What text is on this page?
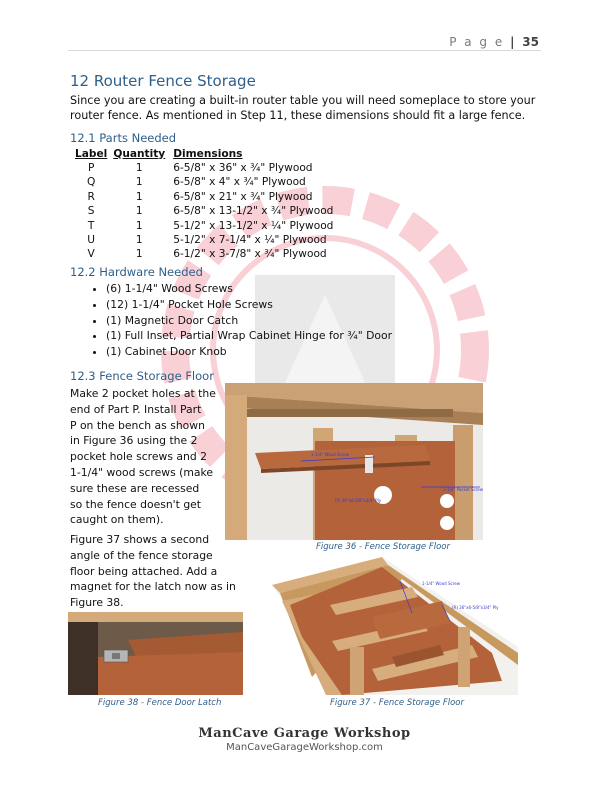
P a g e | 35
12 Router Fence Storage
Since you are creating a built-in router table you will need someplace to store your router fence. As mentioned in Step 11, these dimensions should fit a large fence.
12.1 Parts Needed
Label	Quantity	Dimensions
P	1	6-5/8" x 36" x ¾" Plywood
Q	1	6-5/8" x 4" x ¾" Plywood
R	1	6-5/8" x 21" x ¾" Plywood
S	1	6-5/8" x 13-1/2" x ¾" Plywood
T	1	5-1/2" x 13-1/2" x ¼" Plywood
U	1	5-1/2" x 7-1/4" x ¼" Plywood
V	1	6-1/2" x 3-7/8" x ¾" Plywood
12.2 Hardware Needed
• (6) 1-1/4" Wood Screws
• (12) 1-1/4" Pocket Hole Screws
• (1) Magnetic Door Catch
• (1) Full Inset, Partial Wrap Cabinet Hinge for ¾" Door
• (1) Cabinet Door Knob
12.3 Fence Storage Floor
Make 2 pocket holes at the
end of Part P. Install Part
P on the bench as shown
in Figure 36 using the 2
pocket hole screws and 2
1-1/4" wood screws (make
sure these are recessed
so the fence doesn't get
caught on them).
Figure 37 shows a second
angle of the fence storage
floor being attached. Add a
magnet for the latch now as in
Figure 38.
1-1/4" Wood Screw
1-1/4" Pocket Screw
(P) 36"x6-5/8"x3/4" Ply
Figure 36 - Fence Storage Floor
1-1/4" Wood Screw
(R) 36"x6-5/8"x3/4" Ply
Figure 37 - Fence Storage Floor
Figure 38 - Fence Door Latch
ManCave Garage Workshop
ManCaveGarageWorkshop.com
